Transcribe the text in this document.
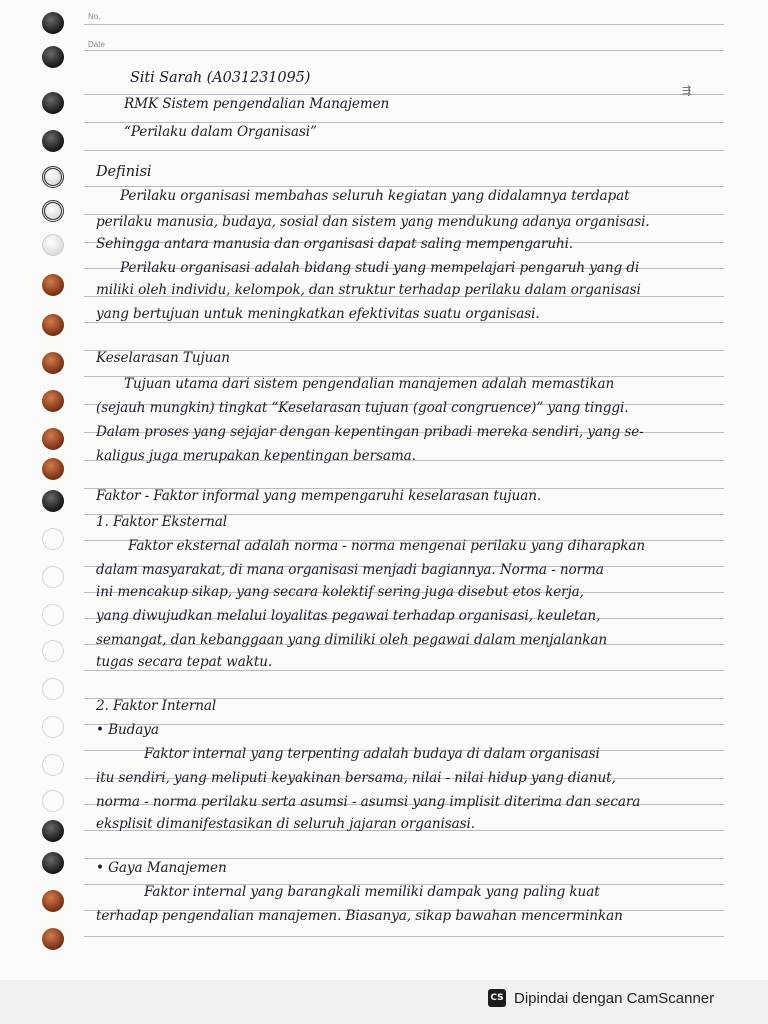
No.
Date
⇶
Siti Sarah (A031231095)
RMK Sistem pengendalian Manajemen
“Perilaku dalam Organisasi”
Definisi
Perilaku organisasi membahas seluruh kegiatan yang didalamnya terdapat
perilaku manusia, budaya, sosial dan sistem yang mendukung adanya organisasi.
Sehingga antara manusia dan organisasi dapat saling mempengaruhi.
Perilaku organisasi adalah bidang studi yang mempelajari pengaruh yang di
miliki oleh individu, kelompok, dan struktur terhadap perilaku dalam organisasi
yang bertujuan untuk meningkatkan efektivitas suatu organisasi.
Keselarasan Tujuan
Tujuan utama dari sistem pengendalian manajemen adalah memastikan
(sejauh mungkin) tingkat “Keselarasan tujuan (goal congruence)” yang tinggi.
Dalam proses yang sejajar dengan kepentingan pribadi mereka sendiri, yang se-
kaligus juga merupakan kepentingan bersama.
Faktor - Faktor informal yang mempengaruhi keselarasan tujuan.
1. Faktor Eksternal
Faktor eksternal adalah norma - norma mengenai perilaku yang diharapkan
dalam masyarakat, di mana organisasi menjadi bagiannya. Norma - norma
ini mencakup sikap, yang secara kolektif sering juga disebut etos kerja,
yang diwujudkan melalui loyalitas pegawai terhadap organisasi, keuletan,
semangat, dan kebanggaan yang dimiliki oleh pegawai dalam menjalankan
tugas secara tepat waktu.
2. Faktor Internal
• Budaya
Faktor internal yang terpenting adalah budaya di dalam organisasi
itu sendiri, yang meliputi keyakinan bersama, nilai - nilai hidup yang dianut,
norma - norma perilaku serta asumsi - asumsi yang implisit diterima dan secara
eksplisit dimanifestasikan di seluruh jajaran organisasi.
• Gaya Manajemen
Faktor internal yang barangkali memiliki dampak yang paling kuat
terhadap pengendalian manajemen. Biasanya, sikap bawahan mencerminkan
CS Dipindai dengan CamScanner
